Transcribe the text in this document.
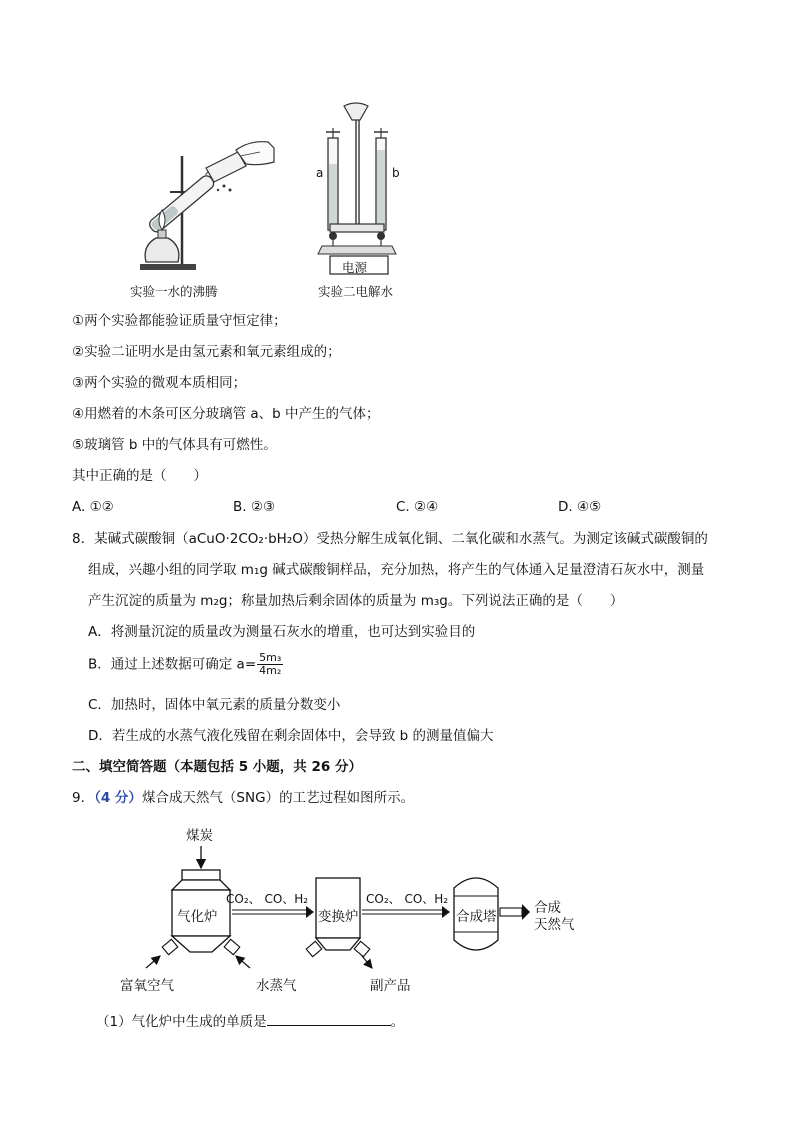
实验一水的沸腾
电源
a	b
实验二电解水
①两个实验都能验证质量守恒定律；
②实验二证明水是由氢元素和氧元素组成的；
③两个实验的微观本质相同；
④用燃着的木条可区分玻璃管 a、b 中产生的气体；
⑤玻璃管 b 中的气体具有可燃性。
其中正确的是（　　）
A. ①②	B. ②③	C. ②④	D. ④⑤
8．某碱式碳酸铜（aCuO·2CO₂·bH₂O）受热分解生成氧化铜、二氧化碳和水蒸气。为测定该碱式碳酸铜的
组成，兴趣小组的同学取 m₁g 碱式碳酸铜样品，充分加热，将产生的气体通入足量澄清石灰水中，测量
产生沉淀的质量为 m₂g；称量加热后剩余固体的质量为 m₃g。下列说法正确的是（　　）
A．将测量沉淀的质量改为测量石灰水的增重，也可达到实验目的
B．通过上述数据可确定 $a= \frac{\text{5m₃}}{\text{4m₂}}$
C．加热时，固体中氧元素的质量分数变小
D．若生成的水蒸气液化残留在剩余固体中，会导致 b 的测量值偏大
二、填空简答题（本题包括 5 小题，共 26 分）
9．（4 分）煤合成天然气（SNG）的工艺过程如图所示。
煤炭
气化炉
CO₂、 CO、H₂
变换炉
CO₂、 CO、H₂
合成塔
合成
天然气
富氧空气	水蒸气	副产品
（1）气化炉中生成的单质是	。
